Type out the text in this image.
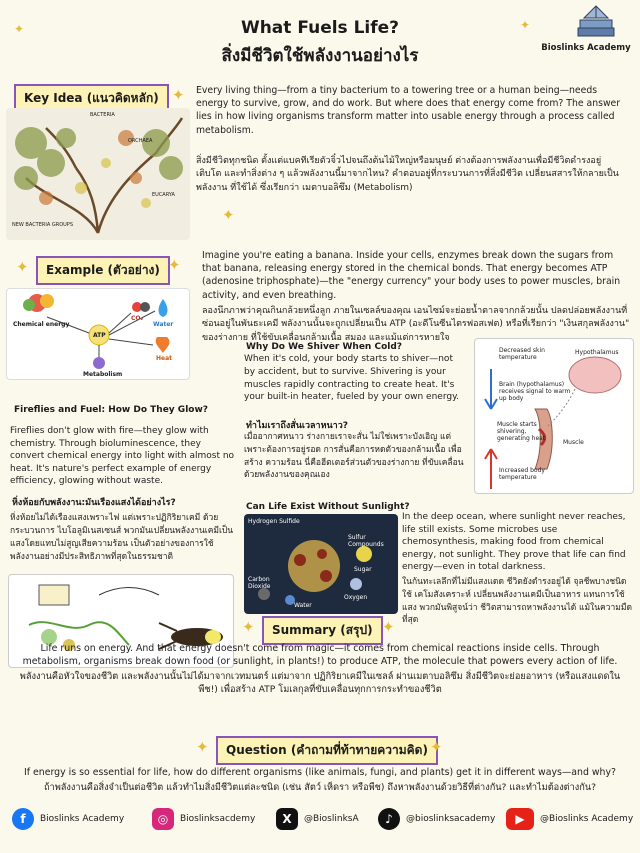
What Fuels Life?
สิ่งมีชีวิตใช้พลังงานอย่างไร
✦	✦
Bioslinks Academy
Key Idea (แนวคิดหลัก) ✦
BACTERIA
ORCHAEA
EUCARYA
NEW BACTERIA GROUPS
Every living thing—from a tiny bacterium to a towering tree or a human being—needs energy to survive, grow, and do work. But where does that energy come from? The answer lies in how living organisms transform matter into usable energy through a process called metabolism.
สิ่งมีชีวิตทุกชนิด ตั้งแต่แบคทีเรียตัวจิ๋วไปจนถึงต้นไม้ใหญ่หรือมนุษย์ ต่างต้องการพลังงานเพื่อมีชีวิตดำรงอยู่ เติบโต และทำสิ่งต่าง ๆ แล้วพลังงานนี้มาจากไหน? คำตอบอยู่ที่กระบวนการที่สิ่งมีชีวิต เปลี่ยนสสารให้กลายเป็นพลังงาน ที่ใช้ได้ ซึ่งเรียกว่า เมตาบอลิซึม (Metabolism)
✦
Example (ตัวอย่าง)
✦	✦
Chemical energy
CO₂
Water
ATP
Heat
Metabolism
Imagine you're eating a banana. Inside your cells, enzymes break down the sugars from that banana, releasing energy stored in the chemical bonds. That energy becomes ATP (adenosine triphosphate)—the "energy currency" your body uses to power muscles, brain activity, and even breathing.
ลองนึกภาพว่าคุณกินกล้วยหนึ่งลูก ภายในเซลล์ของคุณ เอนไซม์จะย่อยน้ำตาลจากกล้วยนั้น ปลดปล่อยพลังงานที่ซ่อนอยู่ในพันธะเคมี พลังงานนั้นจะถูกเปลี่ยนเป็น ATP (อะดีโนซีนไตรฟอสเฟต) หรือที่เรียกว่า "เงินสกุลพลังงาน" ของร่างกาย ที่ใช้ขับเคลื่อนกล้ามเนื้อ สมอง และแม้แต่การหายใจ
Fireflies and Fuel: How Do They Glow?
Fireflies don't glow with fire—they glow with chemistry. Through bioluminescence, they convert chemical energy into light with almost no heat. It's nature's perfect example of energy efficiency, glowing without waste.
หิ่งห้อยกับพลังงาน:มันเรืองแสงได้อย่างไร?
หิ่งห้อยไม่ได้เรืองแสงเพราะไฟ แต่เพราะปฏิกิริยาเคมี ด้วยกระบวนการ ไบโอลูมิเนสเซนส์ พวกมันเปลี่ยนพลังงานเคมีเป็นแสงโดยแทบไม่สูญเสียความร้อน เป็นตัวอย่างของการใช้พลังงานอย่างมีประสิทธิภาพที่สุดในธรรมชาติ
Why Do We Shiver When Cold?
When it's cold, your body starts to shiver—not by accident, but to survive. Shivering is your muscles rapidly contracting to create heat. It's your built-in heater, fueled by your own energy.
ทำไมเราถึงสั่นเวลาหนาว?
เมื่ออากาศหนาว ร่างกายเราจะสั่น ไม่ใช่เพราะบังเอิญ แต่เพราะต้องการอยู่รอด การสั่นคือการหดตัวของกล้ามเนื้อ เพื่อสร้าง ความร้อน นี่คือฮีตเตอร์ส่วนตัวของร่างกาย ที่ขับเคลื่อนด้วยพลังงานของคุณเอง
Decreased skin temperature
Hypothalamus
Brain (hypothalamus) receives signal to warm up body
Muscle starts shivering, generating heat
Muscle
Increased body temperature
Can Life Exist Without Sunlight?
Hydrogen Sulfide
Sulfur Compounds
Sugar
Oxygen
Carbon Dioxide
Water
In the deep ocean, where sunlight never reaches, life still exists. Some microbes use chemosynthesis, making food from chemical energy, not sunlight. They prove that life can find energy—even in total darkness.
ในก้นทะเลลึกที่ไม่มีแสงแดด ชีวิตยังดำรงอยู่ได้ จุลชีพบางชนิดใช้ เคโมสังเคราะห์ เปลี่ยนพลังงานเคมีเป็นอาหาร แทนการใช้แสง พวกมันพิสูจน์ว่า ชีวิตสามารถหาพลังงานได้ แม้ในความมืดที่สุด
✦	Summary (สรุป) ✦
Life runs on energy. And that energy doesn't come from magic—it comes from chemical reactions inside cells. Through metabolism, organisms break down food (or sunlight, in plants!) to produce ATP, the molecule that powers every action of life.
พลังงานคือหัวใจของชีวิต และพลังงานนั้นไม่ได้มาจากเวทมนตร์ แต่มาจาก ปฏิกิริยาเคมีในเซลล์ ผ่านเมตาบอลิซึม สิ่งมีชีวิตจะย่อยอาหาร (หรือแสงแดดในพืช!) เพื่อสร้าง ATP โมเลกุลที่ขับเคลื่อนทุกการกระทำของชีวิต
✦	Question (คำถามที่ท้าทายความคิด) ✦
If energy is so essential for life, how do different organisms (like animals, fungi, and plants) get it in different ways—and why?
ถ้าพลังงานคือสิ่งจำเป็นต่อชีวิต แล้วทำไมสิ่งมีชีวิตแต่ละชนิด (เช่น สัตว์ เห็ดรา หรือพืช) ถึงหาพลังงานด้วยวิธีที่ต่างกัน? และทำไมต้องต่างกัน?
f	Bioslinks Academy	◎	Bioslinksacdemy	X	@BioslinksA	♪	@bioslinksacademy	▶	@Bioslinks Academy
